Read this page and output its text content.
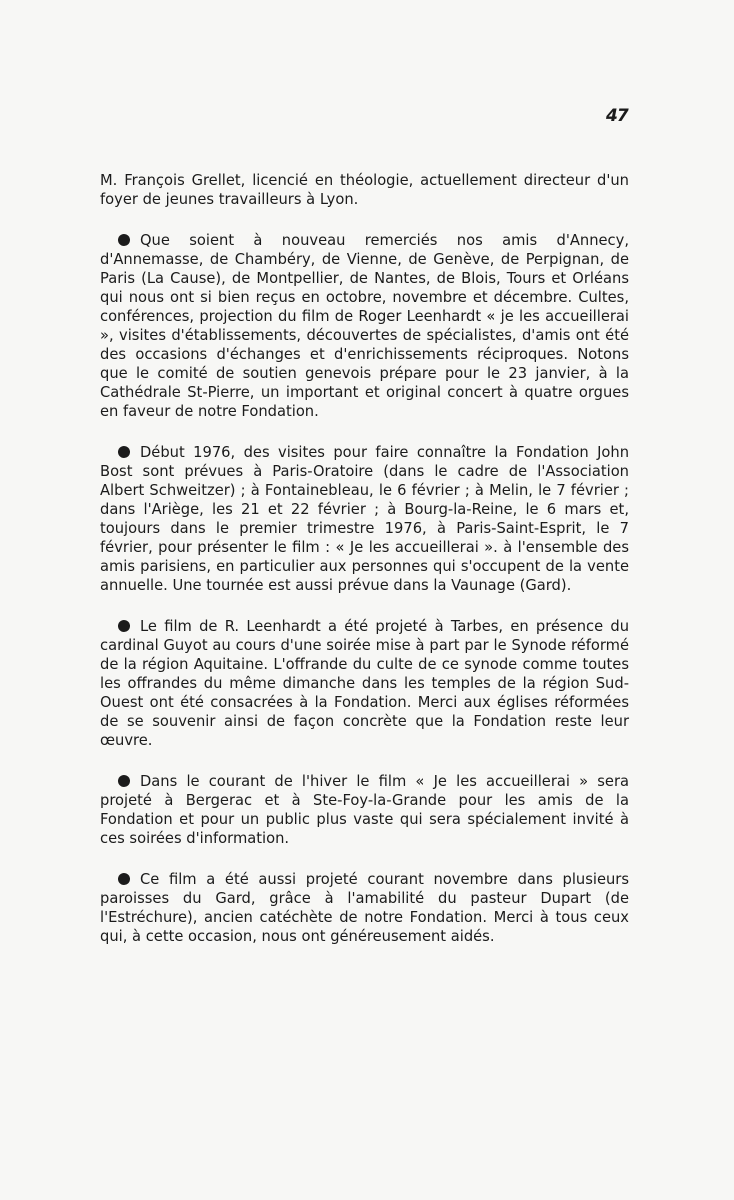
47

M. François Grellet, licencié en théologie, actuellement directeur d'un foyer de jeunes travailleurs à Lyon.

Que soient à nouveau remerciés nos amis d'Annecy, d'Annemasse, de Chambéry, de Vienne, de Genève, de Perpignan, de Paris (La Cause), de Montpellier, de Nantes, de Blois, Tours et Orléans qui nous ont si bien reçus en octobre, novembre et décembre. Cultes, conférences, projection du film de Roger Leenhardt « je les accueillerai », visites d'établissements, découvertes de spécialistes, d'amis ont été des occasions d'échanges et d'enrichissements réciproques. Notons que le comité de soutien genevois prépare pour le 23 janvier, à la Cathédrale St-Pierre, un important et original concert à quatre orgues en faveur de notre Fondation.

Début 1976, des visites pour faire connaître la Fondation John Bost sont prévues à Paris-Oratoire (dans le cadre de l'Association Albert Schweitzer) ; à Fontainebleau, le 6 février ; à Melin, le 7 février ; dans l'Ariège, les 21 et 22 février ; à Bourg-la-Reine, le 6 mars et, toujours dans le premier trimestre 1976, à Paris-Saint-Esprit, le 7 février, pour présenter le film : « Je les accueillerai ». à l'ensemble des amis parisiens, en particulier aux personnes qui s'occupent de la vente annuelle. Une tournée est aussi prévue dans la Vaunage (Gard).

Le film de R. Leenhardt a été projeté à Tarbes, en présence du cardinal Guyot au cours d'une soirée mise à part par le Synode réformé de la région Aquitaine. L'offrande du culte de ce synode comme toutes les offrandes du même dimanche dans les temples de la région Sud-Ouest ont été consacrées à la Fondation. Merci aux églises réformées de se souvenir ainsi de façon concrète que la Fondation reste leur œuvre.

Dans le courant de l'hiver le film « Je les accueillerai » sera projeté à Bergerac et à Ste-Foy-la-Grande pour les amis de la Fondation et pour un public plus vaste qui sera spécialement invité à ces soirées d'information.

Ce film a été aussi projeté courant novembre dans plusieurs paroisses du Gard, grâce à l'amabilité du pasteur Dupart (de l'Estréchure), ancien catéchète de notre Fondation. Merci à tous ceux qui, à cette occasion, nous ont généreusement aidés.
